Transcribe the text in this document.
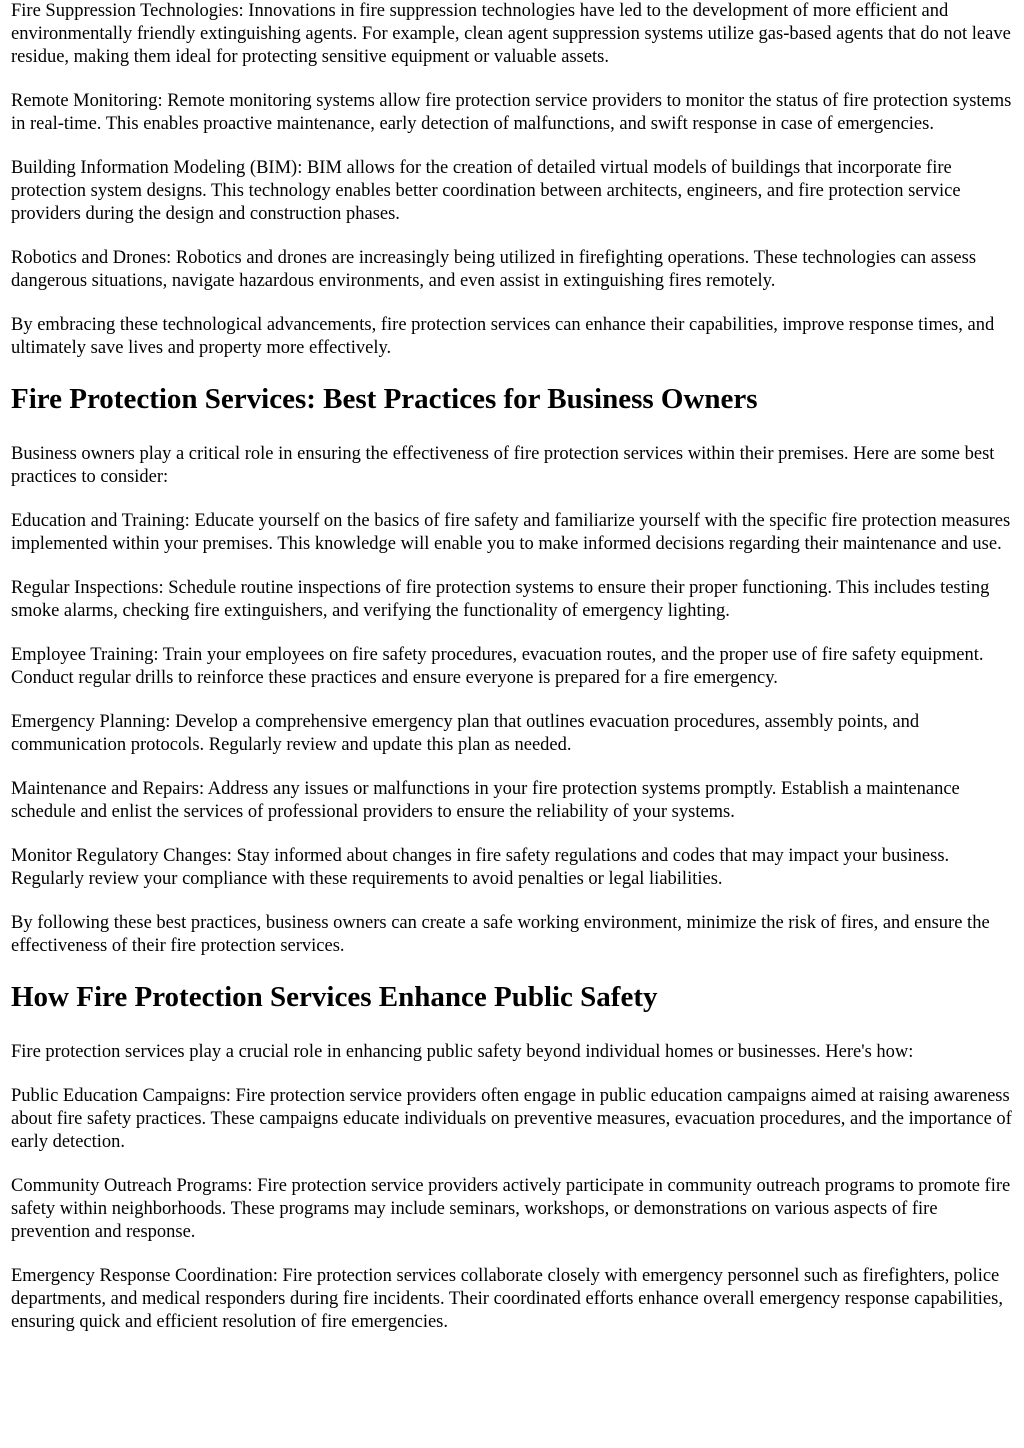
Fire Suppression Technologies: Innovations in fire suppression technologies have led to the development of more efficient and environmentally friendly extinguishing agents. For example, clean agent suppression systems utilize gas-based agents that do not leave residue, making them ideal for protecting sensitive equipment or valuable assets.

Remote Monitoring: Remote monitoring systems allow fire protection service providers to monitor the status of fire protection systems in real-time. This enables proactive maintenance, early detection of malfunctions, and swift response in case of emergencies.

Building Information Modeling (BIM): BIM allows for the creation of detailed virtual models of buildings that incorporate fire protection system designs. This technology enables better coordination between architects, engineers, and fire protection service providers during the design and construction phases.

Robotics and Drones: Robotics and drones are increasingly being utilized in firefighting operations. These technologies can assess dangerous situations, navigate hazardous environments, and even assist in extinguishing fires remotely.

By embracing these technological advancements, fire protection services can enhance their capabilities, improve response times, and ultimately save lives and property more effectively.

Fire Protection Services: Best Practices for Business Owners

Business owners play a critical role in ensuring the effectiveness of fire protection services within their premises. Here are some best practices to consider:

Education and Training: Educate yourself on the basics of fire safety and familiarize yourself with the specific fire protection measures implemented within your premises. This knowledge will enable you to make informed decisions regarding their maintenance and use.

Regular Inspections: Schedule routine inspections of fire protection systems to ensure their proper functioning. This includes testing smoke alarms, checking fire extinguishers, and verifying the functionality of emergency lighting.

Employee Training: Train your employees on fire safety procedures, evacuation routes, and the proper use of fire safety equipment. Conduct regular drills to reinforce these practices and ensure everyone is prepared for a fire emergency.

Emergency Planning: Develop a comprehensive emergency plan that outlines evacuation procedures, assembly points, and communication protocols. Regularly review and update this plan as needed.

Maintenance and Repairs: Address any issues or malfunctions in your fire protection systems promptly. Establish a maintenance schedule and enlist the services of professional providers to ensure the reliability of your systems.

Monitor Regulatory Changes: Stay informed about changes in fire safety regulations and codes that may impact your business. Regularly review your compliance with these requirements to avoid penalties or legal liabilities.

By following these best practices, business owners can create a safe working environment, minimize the risk of fires, and ensure the effectiveness of their fire protection services.

How Fire Protection Services Enhance Public Safety

Fire protection services play a crucial role in enhancing public safety beyond individual homes or businesses. Here's how:

Public Education Campaigns: Fire protection service providers often engage in public education campaigns aimed at raising awareness about fire safety practices. These campaigns educate individuals on preventive measures, evacuation procedures, and the importance of early detection.

Community Outreach Programs: Fire protection service providers actively participate in community outreach programs to promote fire safety within neighborhoods. These programs may include seminars, workshops, or demonstrations on various aspects of fire prevention and response.

Emergency Response Coordination: Fire protection services collaborate closely with emergency personnel such as firefighters, police departments, and medical responders during fire incidents. Their coordinated efforts enhance overall emergency response capabilities, ensuring quick and efficient resolution of fire emergencies.
